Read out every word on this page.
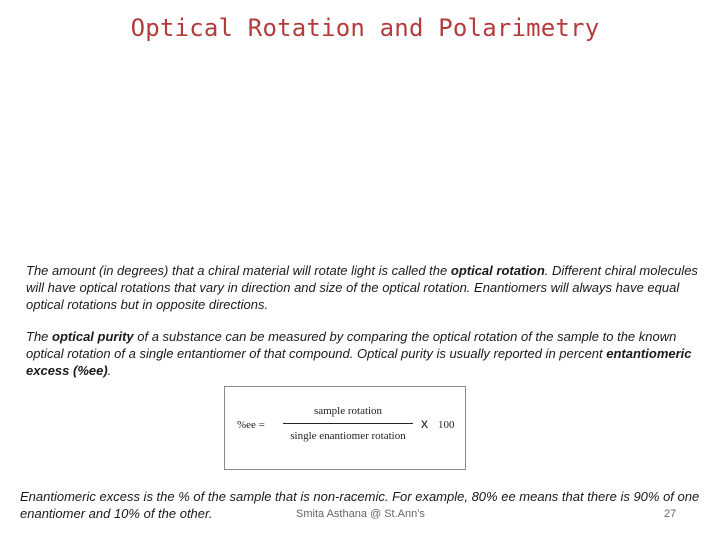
Optical Rotation and Polarimetry
The amount (in degrees) that a chiral material will rotate light is called the optical rotation. Different chiral molecules will have optical rotations that vary in direction and size of the optical rotation. Enantiomers will always have equal optical rotations but in opposite directions.
The optical purity of a substance can be measured by comparing the optical rotation of the sample to the known optical rotation of a single entantiomer of that compound. Optical purity is usually reported in percent entantiomeric excess (%ee).
%ee =
sample rotation
single enantiomer rotation
x 100
Enantiomeric excess is the % of the sample that is non-racemic. For example, 80% ee means that there is 90% of one enantiomer and 10% of the other.	Smita Asthana @ St.Ann's	27
